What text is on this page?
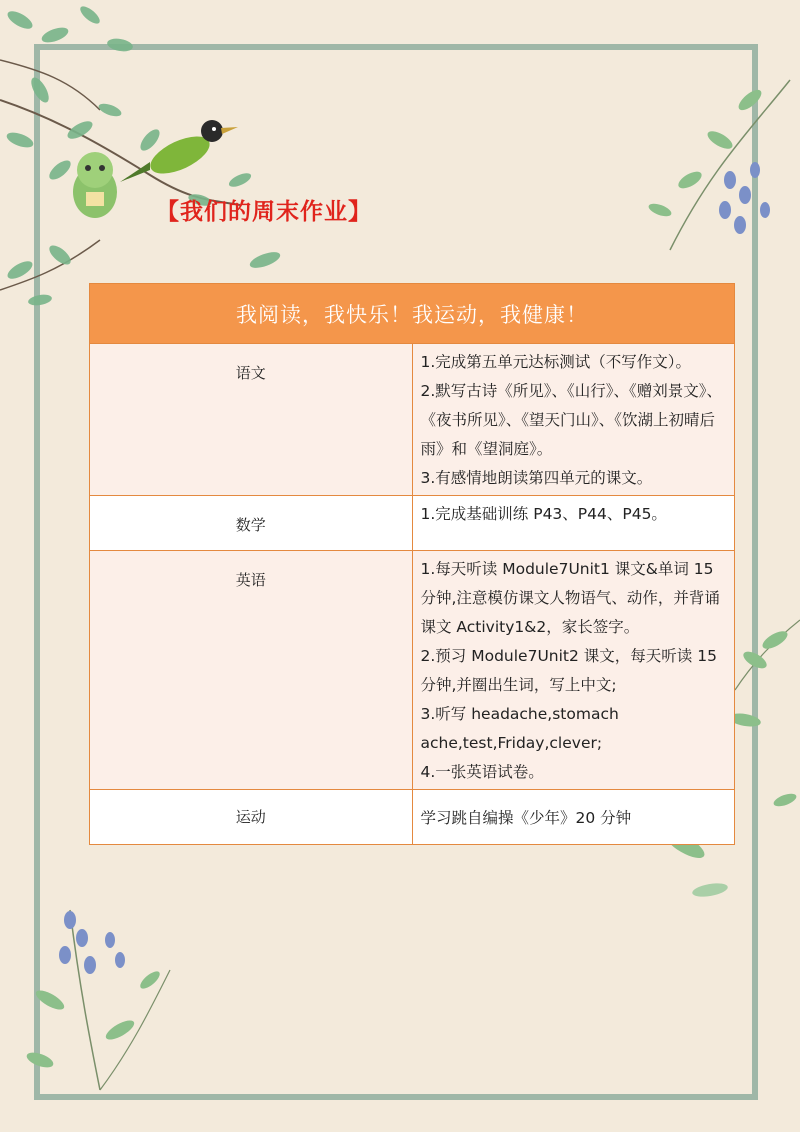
【我们的周末作业】
我阅读，我快乐！我运动，我健康！	
语文	1.完成第五单元达标测试（不写作文）。

2.默写古诗《所见》、《山行》、《赠刘景文》、《夜书所见》、《望天门山》、《饮湖上初晴后雨》和《望洞庭》。

3.有感情地朗读第四单元的课文。

数学	1.完成基础训练 P43、P44、P45。

英语	1.每天听读 Module7Unit1 课文&单词 15 分钟,注意模仿课文人物语气、动作，并背诵课文 Activity1&2，家长签字。

2.预习 Module7Unit2 课文，每天听读 15 分钟,并圈出生词，写上中文;

3.听写 headache,stomach ache,test,Friday,clever;

4.一张英语试卷。

运动	学习跳自编操《少年》20 分钟
